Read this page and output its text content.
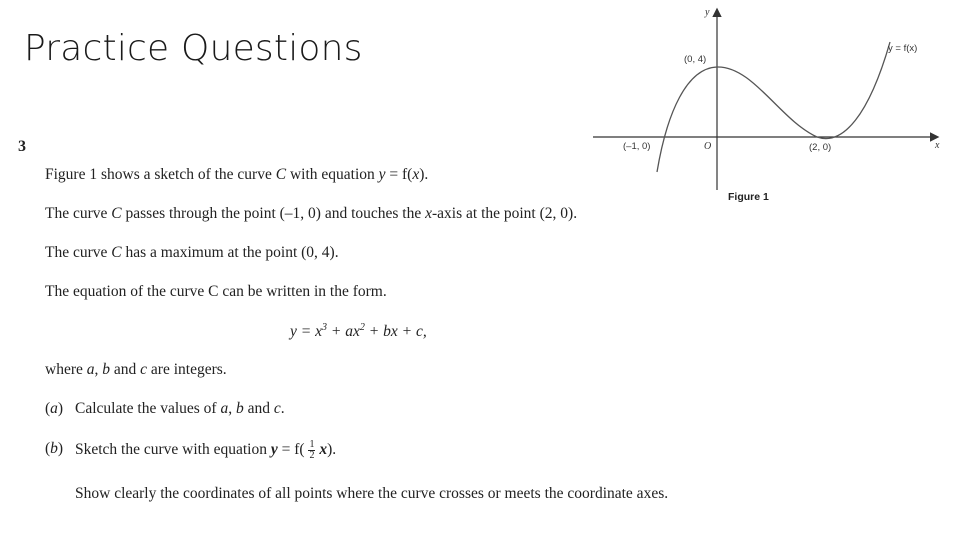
Practice Questions
3
Figure 1 shows a sketch of the curve C with equation y = f(x).
The curve C passes through the point (–1, 0) and touches the x-axis at the point (2, 0).
The curve C has a maximum at the point (0, 4).
The equation of the curve C can be written in the form.
$y = x^3 + ax^2$ + bx + c,
where a, b and c are integers.
(a) Calculate the values of a, b and c.
(b) Sketch the curve with equation $y = f( \frac{1}{2} x)$.
Show clearly the coordinates of all points where the curve crosses or meets the coordinate axes.
y
x
O
(0, 4)
(–1, 0)	(2, 0)
y = f(x)
Figure 1
